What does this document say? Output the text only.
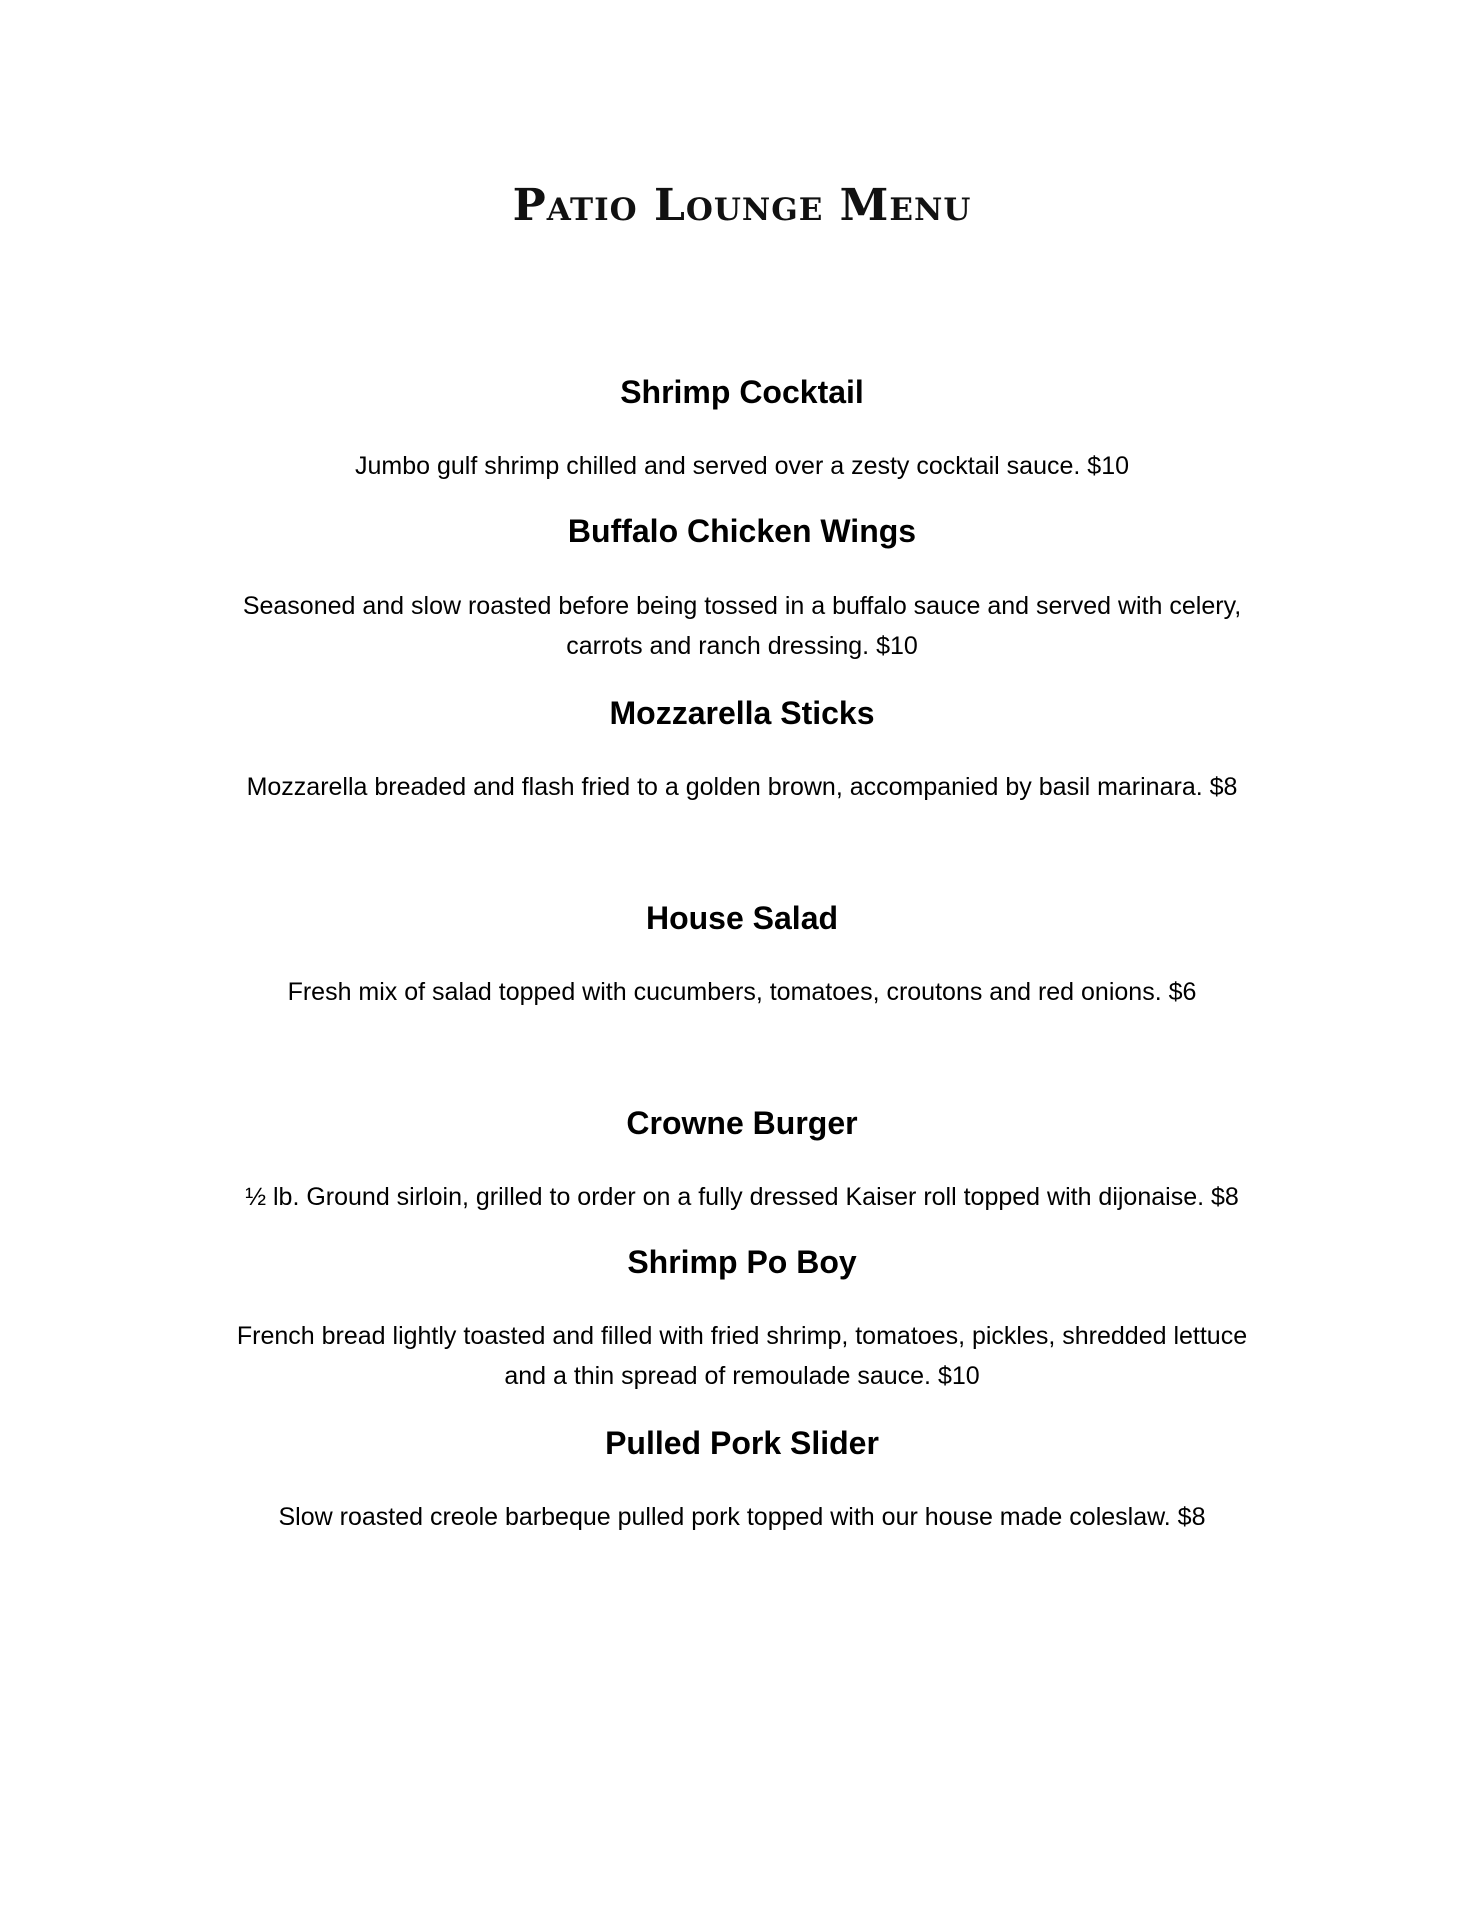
Patio Lounge Menu
Shrimp Cocktail
Jumbo gulf shrimp chilled and served over a zesty cocktail sauce. $10
Buffalo Chicken Wings
Seasoned and slow roasted before being tossed in a buffalo sauce and served with celery,
carrots and ranch dressing. $10
Mozzarella Sticks
Mozzarella breaded and flash fried to a golden brown, accompanied by basil marinara. $8
House Salad
Fresh mix of salad topped with cucumbers, tomatoes, croutons and red onions. $6
Crowne Burger
½ lb. Ground sirloin, grilled to order on a fully dressed Kaiser roll topped with dijonaise. $8
Shrimp Po Boy
French bread lightly toasted and filled with fried shrimp, tomatoes, pickles, shredded lettuce
and a thin spread of remoulade sauce. $10
Pulled Pork Slider
Slow roasted creole barbeque pulled pork topped with our house made coleslaw. $8
